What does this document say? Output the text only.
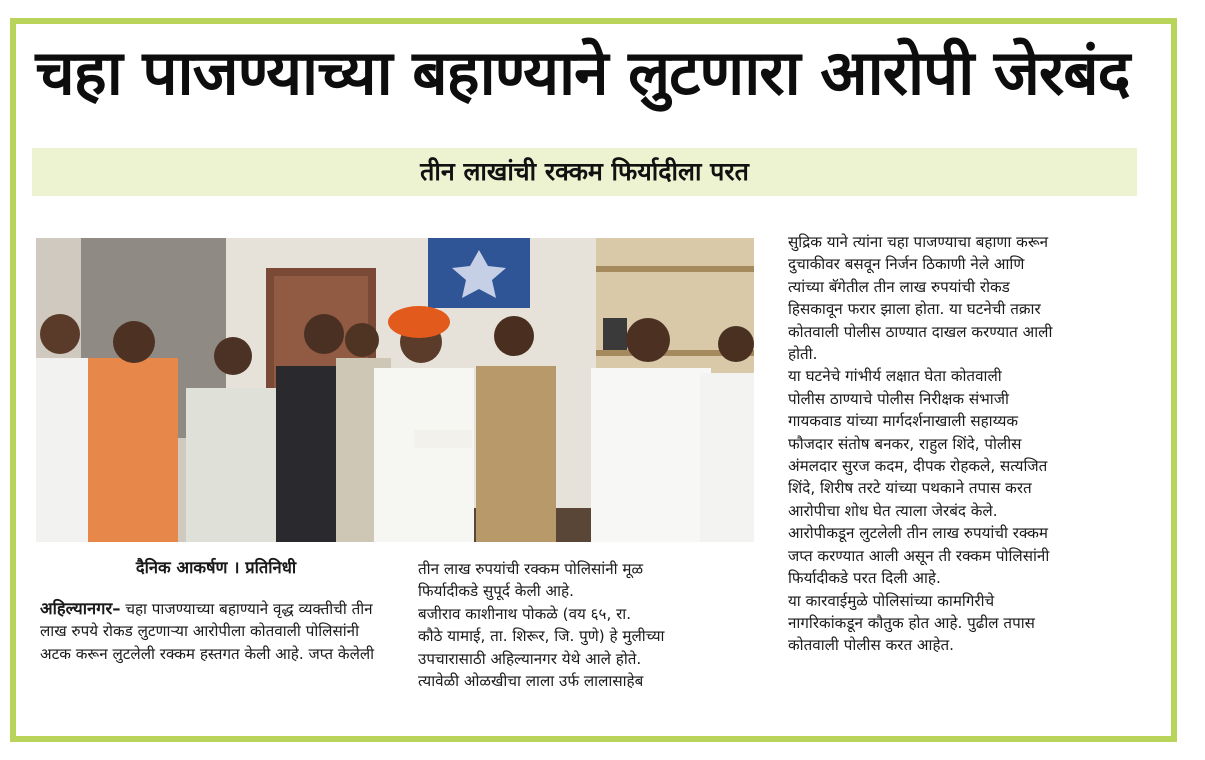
चहा पाजण्याच्या बहाण्याने लुटणारा आरोपी जेरबंद
तीन लाखांची रक्कम फिर्यादीला परत
दैनिक आकर्षण । प्रतिनिधी
अहिल्यानगर– चहा पाजण्याच्या बहाण्याने वृद्ध व्यक्तीची तीन लाख रुपये रोकड लुटणाऱ्या आरोपीला कोतवाली पोलिसांनी अटक करून लुटलेली रक्कम हस्तगत केली आहे. जप्त केलेली
तीन लाख रुपयांची रक्कम पोलिसांनी मूळ
फिर्यादीकडे सुपूर्द केली आहे.
बजीराव काशीनाथ पोकळे (वय ६५, रा.
कौठे यामाई, ता. शिरूर, जि. पुणे) हे मुलीच्या
उपचारासाठी अहिल्यानगर येथे आले होते.
त्यावेळी ओळखीचा लाला उर्फ लालासाहेब
सुद्रिक याने त्यांना चहा पाजण्याचा बहाणा करून
दुचाकीवर बसवून निर्जन ठिकाणी नेले आणि
त्यांच्या बॅगेतील तीन लाख रुपयांची रोकड
हिसकावून फरार झाला होता. या घटनेची तक्रार
कोतवाली पोलीस ठाण्यात दाखल करण्यात आली
होती.
या घटनेचे गांभीर्य लक्षात घेता कोतवाली
पोलीस ठाण्याचे पोलीस निरीक्षक संभाजी
गायकवाड यांच्या मार्गदर्शनाखाली सहाय्यक
फौजदार संतोष बनकर, राहुल शिंदे, पोलीस
अंमलदार सुरज कदम, दीपक रोहकले, सत्यजित
शिंदे, शिरीष तरटे यांच्या पथकाने तपास करत
आरोपीचा शोध घेत त्याला जेरबंद केले.
आरोपीकडून लुटलेली तीन लाख रुपयांची रक्कम
जप्त करण्यात आली असून ती रक्कम पोलिसांनी
फिर्यादीकडे परत दिली आहे.
या कारवाईमुळे पोलिसांच्या कामगिरीचे
नागरिकांकडून कौतुक होत आहे. पुढील तपास
कोतवाली पोलीस करत आहेत.
